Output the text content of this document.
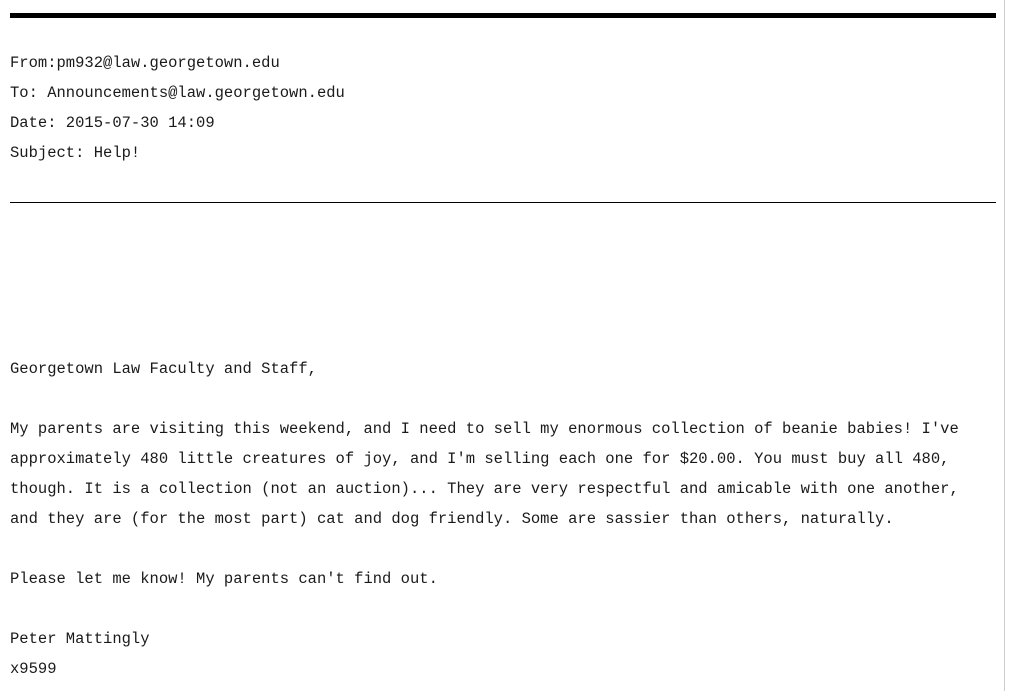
From:pm932@law.georgetown.edu
To: Announcements@law.georgetown.edu
Date: 2015-07-30 14:09
Subject: Help!
Georgetown Law Faculty and Staff,
My parents are visiting this weekend, and I need to sell my enormous collection of beanie babies! I've
approximately 480 little creatures of joy, and I'm selling each one for $20.00. You must buy all 480,
though. It is a collection (not an auction)... They are very respectful and amicable with one another,
and they are (for the most part) cat and dog friendly. Some are sassier than others, naturally.
Please let me know! My parents can't find out.
Peter Mattingly
x9599
